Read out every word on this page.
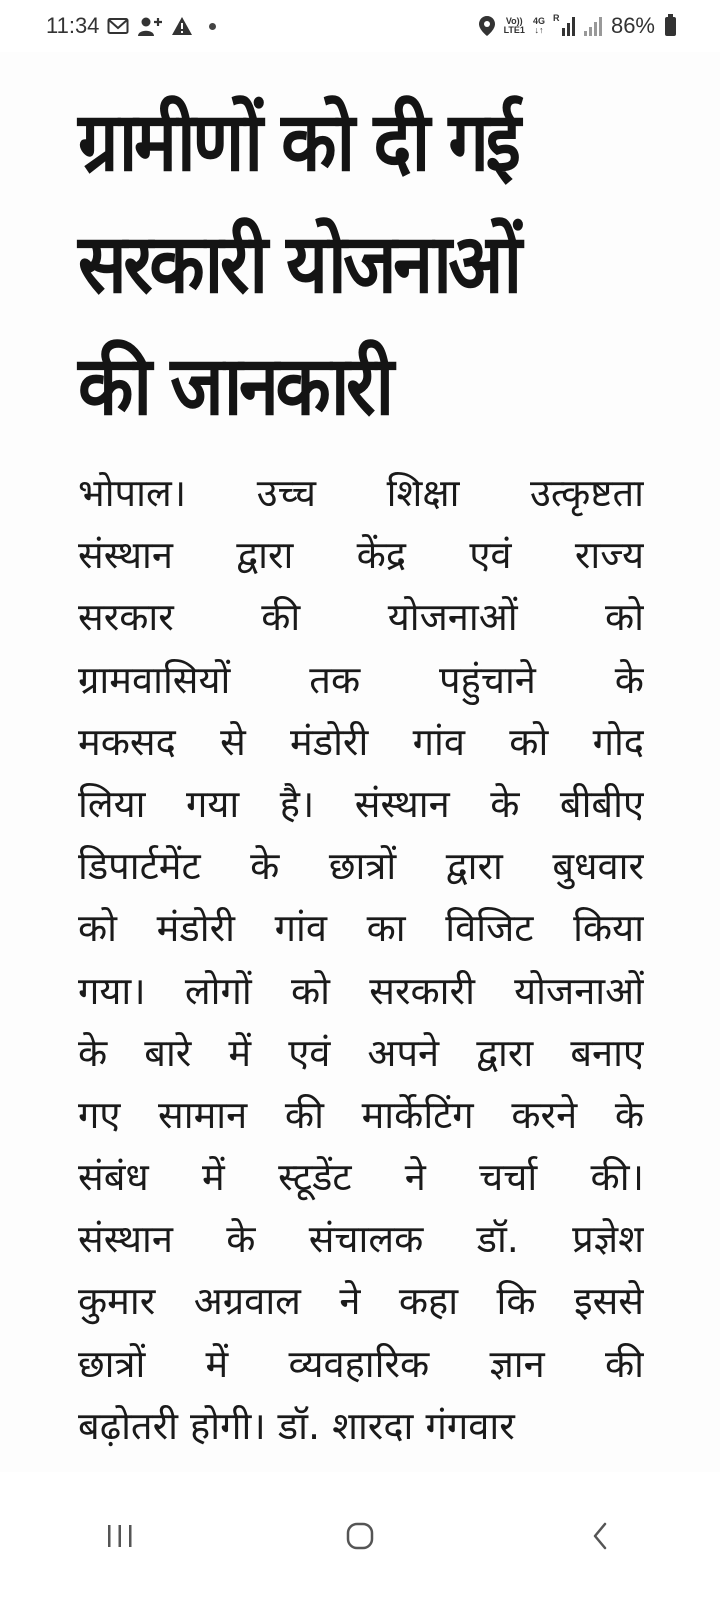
11:34	Vo))
LTE1
4G
↓↑
R 86%
ग्रामीणों को दी गई
सरकारी योजनाओं
की जानकारी
भोपाल। उच्च शिक्षा उत्कृष्टता
संस्थान द्वारा केंद्र एवं राज्य
सरकार की योजनाओं को
ग्रामवासियों तक पहुंचाने के
मकसद से मंडोरी गांव को गोद
लिया गया है। संस्थान के बीबीए
डिपार्टमेंट के छात्रों द्वारा बुधवार
को मंडोरी गांव का विजिट किया
गया। लोगों को सरकारी योजनाओं
के बारे में एवं अपने द्वारा बनाए
गए सामान की मार्केटिंग करने के
संबंध में स्टूडेंट ने चर्चा की।
संस्थान के संचालक डॉ. प्रज्ञेश
कुमार अग्रवाल ने कहा कि इससे
छात्रों में व्यवहारिक ज्ञान की
बढ़ोतरी होगी। डॉ. शारदा गंगवार
